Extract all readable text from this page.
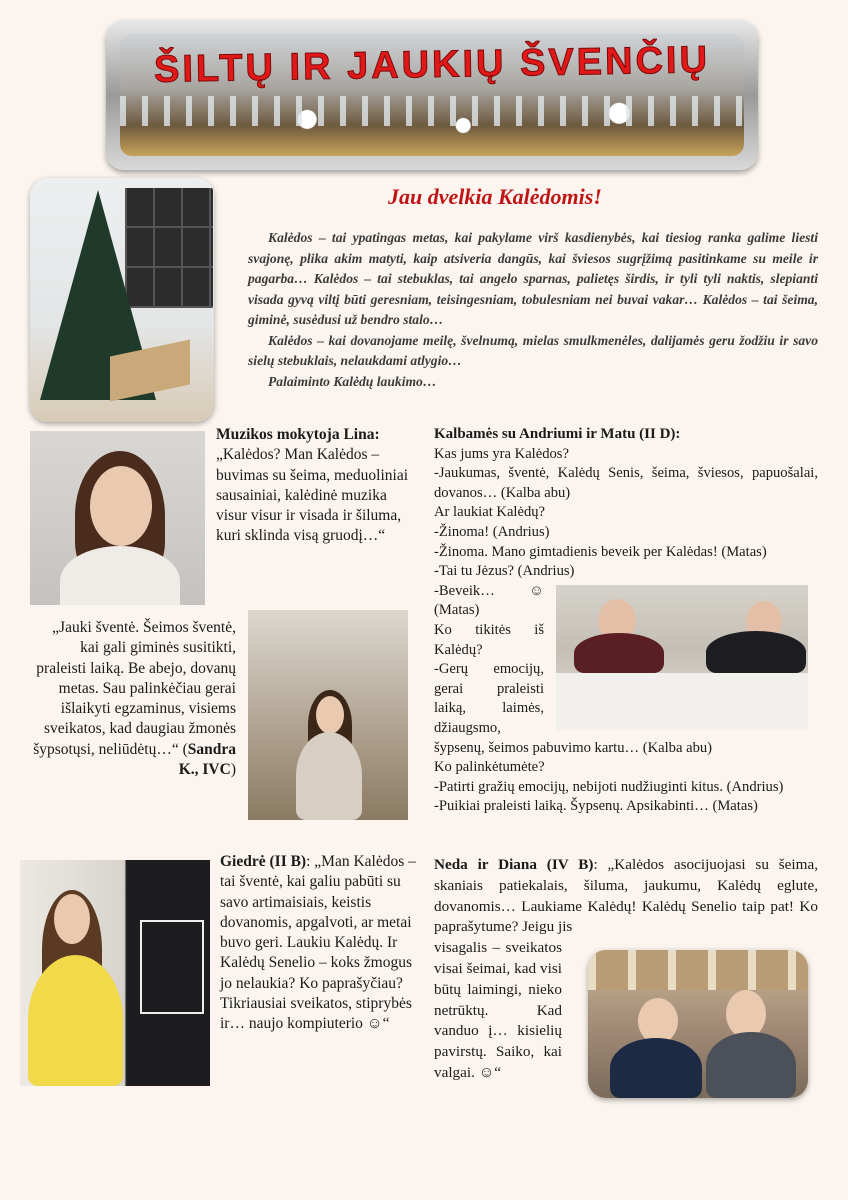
ŠILTŲ IR JAUKIŲ ŠVENČIŲ
Jau dvelkia Kalėdomis!

Kalėdos – tai ypatingas metas, kai pakylame virš kasdienybės, kai tiesiog ranka galime liesti svajonę, plika akim matyti, kaip atsiveria dangūs, kai šviesos sugrįžimą pasitinkame su meile ir pagarba… Kalėdos – tai stebuklas, tai angelo sparnas, palietęs širdis, ir tyli tyli naktis, slepianti visada gyvą viltį būti geresniam, teisingesniam, tobulesniam nei buvai vakar… Kalėdos – tai šeima, giminė, susėdusi už bendro stalo…

Kalėdos – kai dovanojame meilę, švelnumą, mielas smulkmenėles, dalijamės geru žodžiu ir savo sielų stebuklais, nelaukdami atlygio…

Palaiminto Kalėdų laukimo…

Muzikos mokytoja Lina:
„Kalėdos? Man Kalėdos – buvimas su šeima, meduoliniai sausainiai, kalėdinė muzika visur visur ir visada ir šiluma, kuri sklinda visą gruodį…“
„Jauki šventė. Šeimos šventė, kai gali giminės susitikti, praleisti laiką. Be abejo, dovanų metas. Sau palinkėčiau gerai išlaikyti egzaminus, visiems sveikatos, kad daugiau žmonės šypsotųsi, neliūdėtų…“ (Sandra K., IVC)
Kalbamės su Andriumi ir Matu (II D):
Kas jums yra Kalėdos?
-Jaukumas, šventė, Kalėdų Senis, šeima, šviesos, papuošalai, dovanos… (Kalba abu)
Ar laukiat Kalėdų?
-Žinoma! (Andrius)
-Žinoma. Mano gimtadienis beveik per Kalėdas! (Matas)
-Tai tu Jėzus? (Andrius)
-Beveik… ☺ (Matas)
Ko tikitės iš Kalėdų?
-Gerų emocijų, gerai praleisti laiką, laimės, džiaugsmo,
šypsenų, šeimos pabuvimo kartu… (Kalba abu)
Ko palinkėtumėte?
-Patirti gražių emocijų, nebijoti nudžiuginti kitus. (Andrius)
-Puikiai praleisti laiką. Šypsenų. Apsikabinti… (Matas)
Giedrė (II B): „Man Kalėdos – tai šventė, kai galiu pabūti su savo artimaisiais, keistis dovanomis, apgalvoti, ar metai buvo geri. Laukiu Kalėdų. Ir Kalėdų Senelio – koks žmogus jo nelaukia? Ko paprašyčiau? Tikriausiai sveikatos, stiprybės ir… naujo kompiuterio ☺“
Neda ir Diana (IV B): „Kalėdos asocijuojasi su šeima, skaniais patiekalais, šiluma, jaukumu, Kalėdų eglute, dovanomis… Laukiame Kalėdų! Kalėdų Senelio taip pat! Ko paprašytume? Jeigu jis
visagalis – sveikatos visai šeimai, kad visi būtų laimingi, nieko netrūktų. Kad vanduo į… kisielių pavirstų. Saiko, kai valgai. ☺“
